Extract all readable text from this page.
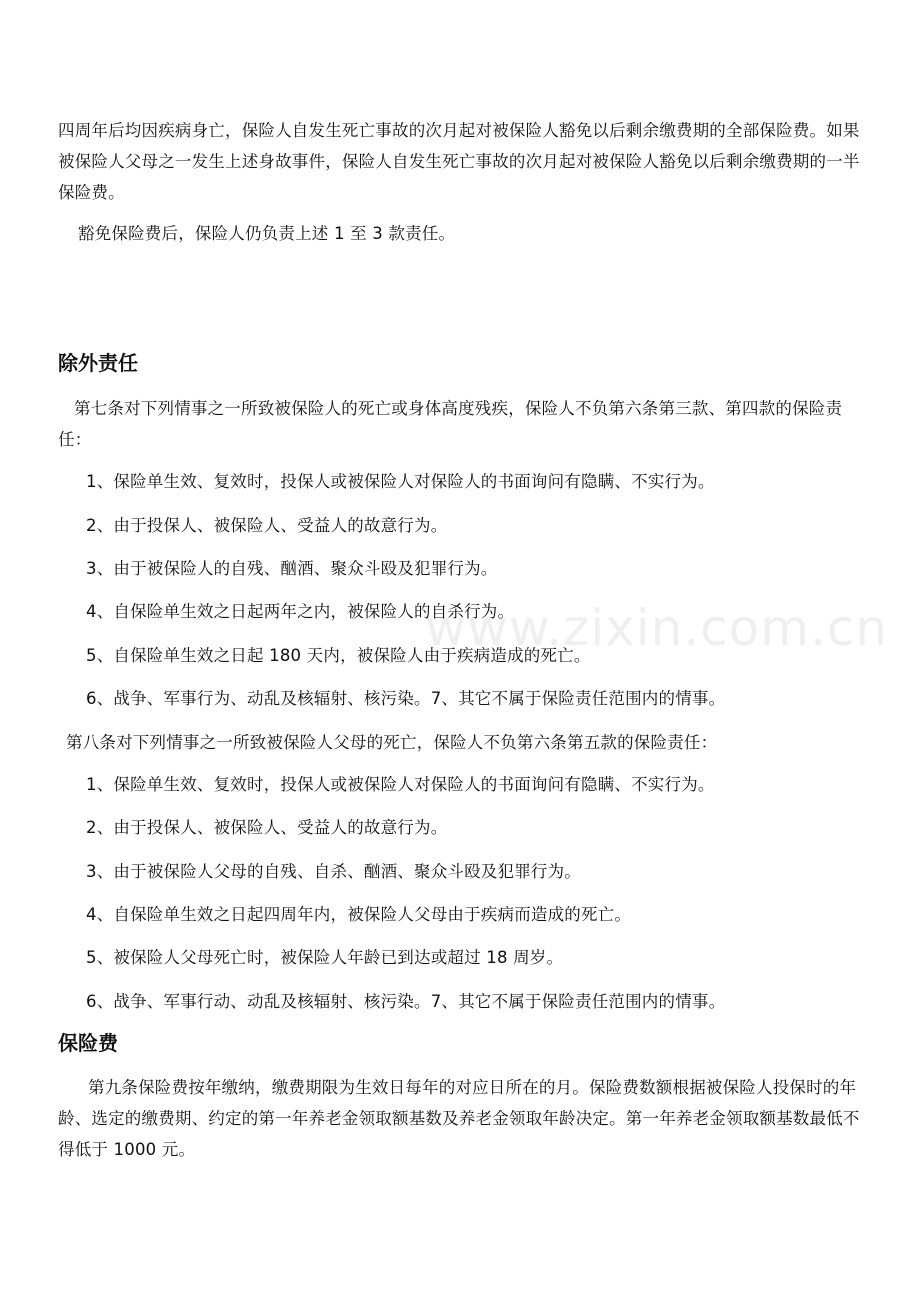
www.zixin.com.cn

四周年后均因疾病身亡，保险人自发生死亡事故的次月起对被保险人豁免以后剩余缴费期的全部保险费。如果被保险人父母之一发生上述身故事件，保险人自发生死亡事故的次月起对被保险人豁免以后剩余缴费期的一半保险费。

豁免保险费后，保险人仍负责上述 1 至 3 款责任。

除外责任

第七条对下列情事之一所致被保险人的死亡或身体高度残疾，保险人不负第六条第三款、第四款的保险责任：

1、保险单生效、复效时，投保人或被保险人对保险人的书面询问有隐瞒、不实行为。

2、由于投保人、被保险人、受益人的故意行为。

3、由于被保险人的自残、酗酒、聚众斗殴及犯罪行为。

4、自保险单生效之日起两年之内，被保险人的自杀行为。

5、自保险单生效之日起 180 天内，被保险人由于疾病造成的死亡。

6、战争、军事行为、动乱及核辐射、核污染。7、其它不属于保险责任范围内的情事。

第八条对下列情事之一所致被保险人父母的死亡，保险人不负第六条第五款的保险责任：

1、保险单生效、复效时，投保人或被保险人对保险人的书面询问有隐瞒、不实行为。

2、由于投保人、被保险人、受益人的故意行为。

3、由于被保险人父母的自残、自杀、酗酒、聚众斗殴及犯罪行为。

4、自保险单生效之日起四周年内，被保险人父母由于疾病而造成的死亡。

5、被保险人父母死亡时，被保险人年龄已到达或超过 18 周岁。

6、战争、军事行动、动乱及核辐射、核污染。7、其它不属于保险责任范围内的情事。

保险费

第九条保险费按年缴纳，缴费期限为生效日每年的对应日所在的月。保险费数额根据被保险人投保时的年龄、选定的缴费期、约定的第一年养老金领取额基数及养老金领取年龄决定。第一年养老金领取额基数最低不得低于 1000 元。
